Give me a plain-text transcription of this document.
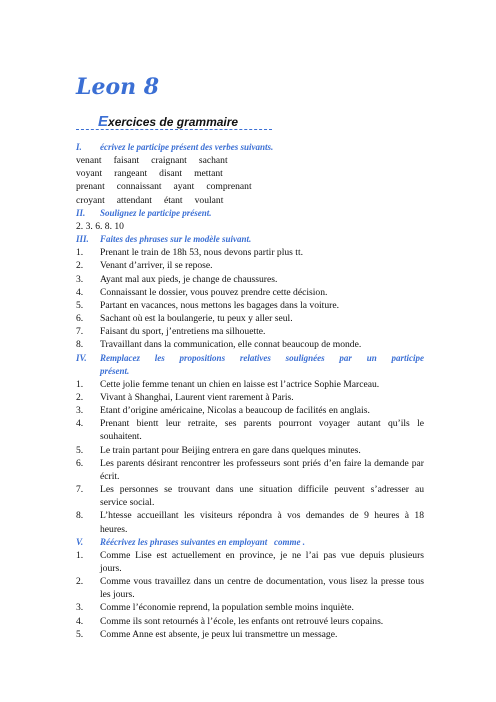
Leon 8
Exercices de grammaire
I.	écrivez le participe présent des verbes suivants.
venant faisant craignant sachant
voyant rangeant disant mettant
prenant connaissant ayant comprenant
croyant attendant étant voulant
II.	Soulignez le participe présent.
2. 3. 6. 8. 10
III.	Faites des phrases sur le modèle suivant.
1.	Prenant le train de 18h 53, nous devons partir plus tt.
2.	Venant d’arriver, il se repose.
3.	Ayant mal aux pieds, je change de chaussures.
4.	Connaissant le dossier, vous pouvez prendre cette décision.
5.	Partant en vacances, nous mettons les bagages dans la voiture.
6.	Sachant où est la boulangerie, tu peux y aller seul.
7.	Faisant du sport, j’entretiens ma silhouette.
8.	Travaillant dans la communication, elle connat beaucoup de monde.
IV.	Remplacez les propositions relatives soulignées par un participe
présent.
1.	Cette jolie femme tenant un chien en laisse est l’actrice Sophie Marceau.
2.	Vivant à Shanghai, Laurent vient rarement à Paris.
3.	Etant d’origine américaine, Nicolas a beaucoup de facilités en anglais.
4.	Prenant bientt leur retraite, ses parents pourront voyager autant qu’ils le
souhaitent.
5.	Le train partant pour Beijing entrera en gare dans quelques minutes.
6.	Les parents désirant rencontrer les professeurs sont priés d’en faire la demande par
écrit.
7.	Les personnes se trouvant dans une situation difficile peuvent s’adresser au
service social.
8.	L’htesse accueillant les visiteurs répondra à vos demandes de 9 heures à 18
heures.
V.	Réécrivez les phrases suivantes en employant   comme .
1.	Comme Lise est actuellement en province, je ne l’ai pas vue depuis plusieurs
jours.
2.	Comme vous travaillez dans un centre de documentation, vous lisez la presse tous
les jours.
3.	Comme l’économie reprend, la population semble moins inquiète.
4.	Comme ils sont retournés à l’école, les enfants ont retrouvé leurs copains.
5.	Comme Anne est absente, je peux lui transmettre un message.
